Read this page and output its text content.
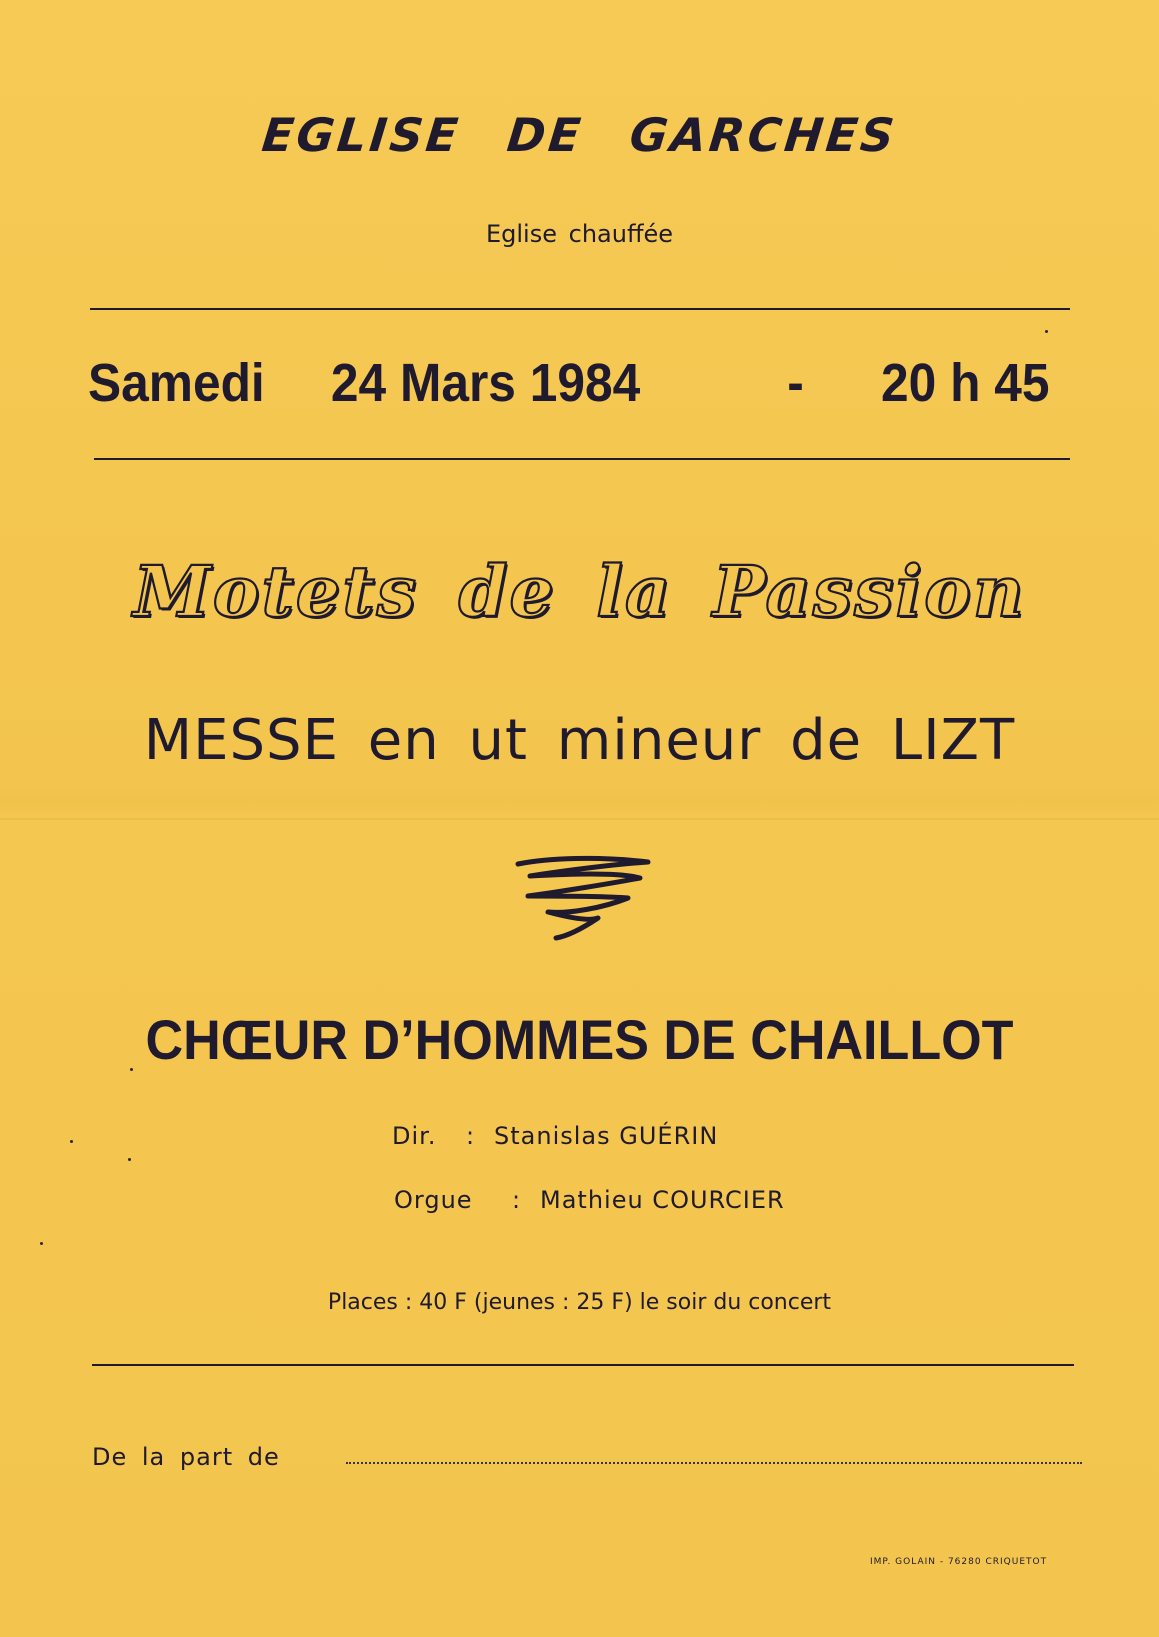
EGLISE DE GARCHES
Eglise chauffée
Samedi 24 Mars 1984	- 20 h 45
Motets de la Passion
MESSE en ut mineur de LIZT
CHŒUR D’HOMMES DE CHAILLOT
Dir. : Stanislas GUÉRIN
Orgue : Mathieu COURCIER
Places : 40 F (jeunes : 25 F) le soir du concert
De la part de
IMP. GOLAIN - 76280 CRIQUETOT
